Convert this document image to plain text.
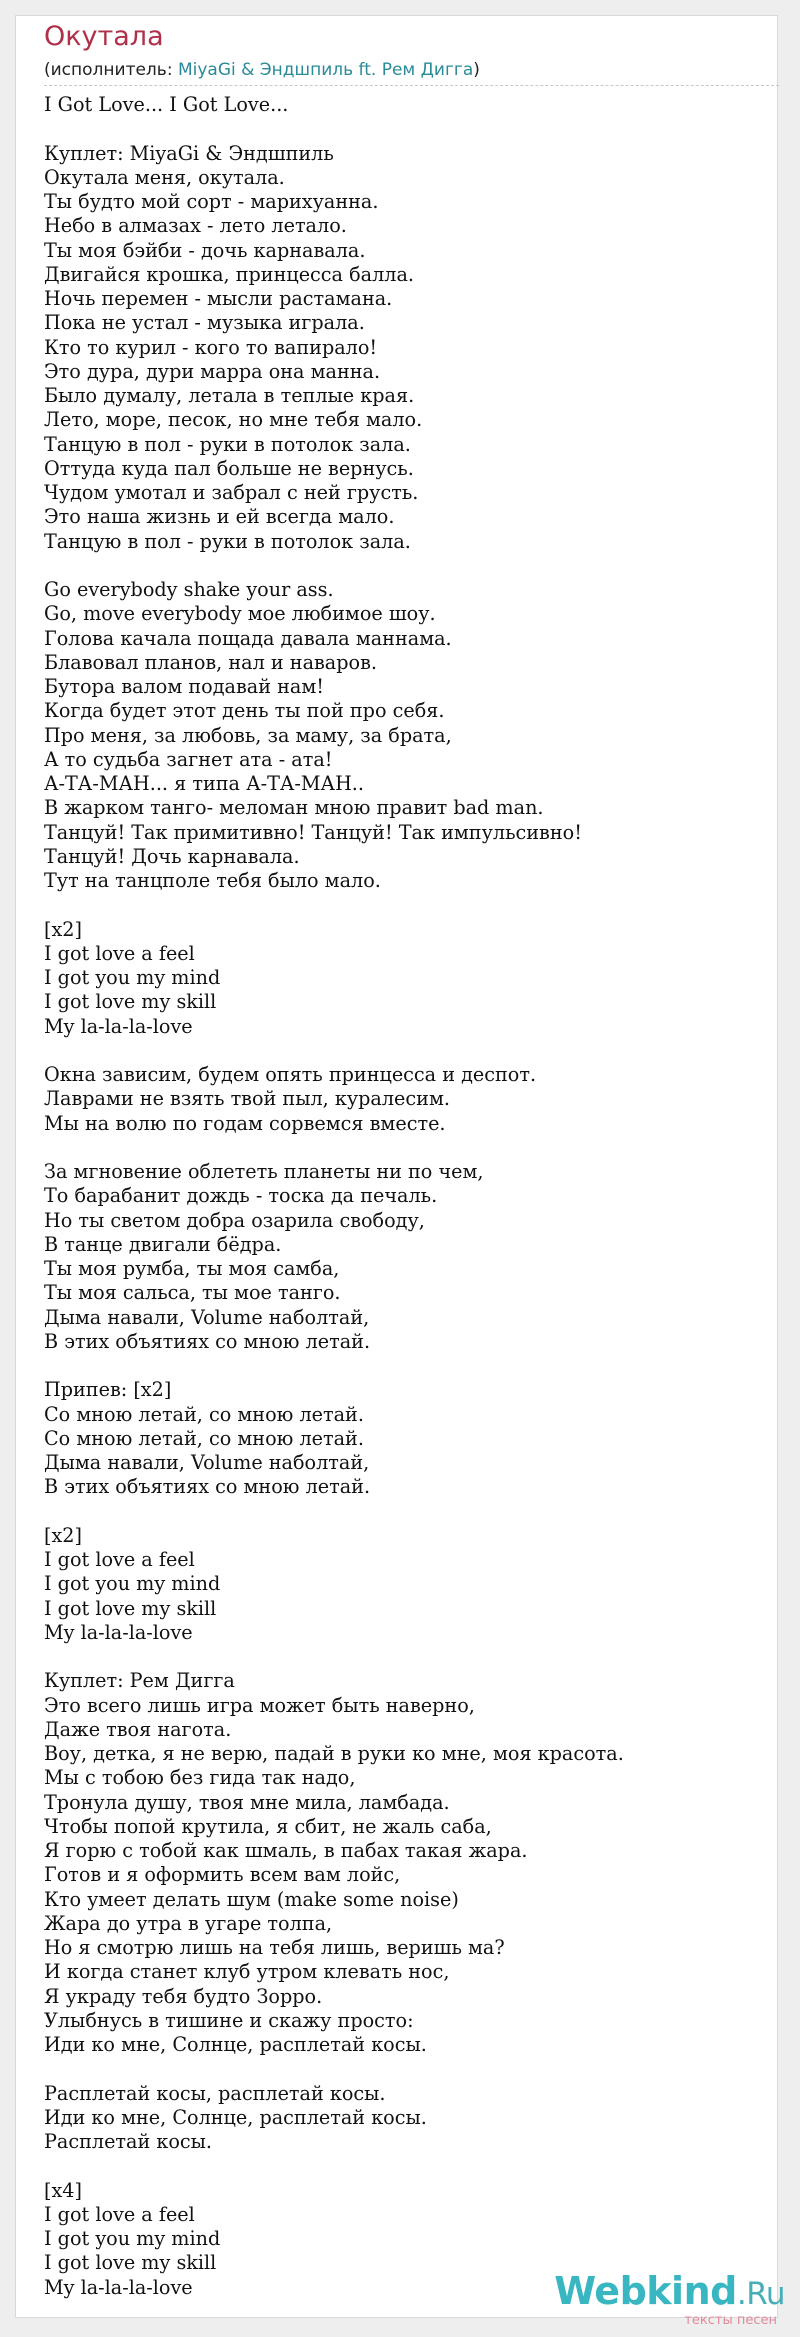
Окутала
(исполнитель: MiyaGi & Эндшпиль ft. Рем Дигга)
I Got Love... I Got Love...
Куплет: MiyaGi & Эндшпиль
Окутала меня, окутала.
Ты будто мой сорт - марихуанна.
Небо в алмазах - лето летало.
Ты моя бэйби - дочь карнавала.
Двигайся крошка, принцесса балла.
Ночь перемен - мысли растамана.
Пока не устал - музыка играла.
Кто то курил - кого то вапирало!
Это дура, дури марра она манна.
Было думалу, летала в теплые края.
Лето, море, песок, но мне тебя мало.
Танцую в пол - руки в потолок зала.
Оттуда куда пал больше не вернусь.
Чудом умотал и забрал с ней грусть.
Это наша жизнь и ей всегда мало.
Танцую в пол - руки в потолок зала.
Go everybody shake your ass.
Go, move everybody мое любимое шоу.
Голова качала пощада давала маннама.
Блавовал планов, нал и наваров.
Бутора валом подавай нам!
Когда будет этот день ты пой про себя.
Про меня, за любовь, за маму, за брата,
А то судьба загнет ата - ата!
А-ТА-МАН... я типа А-ТА-МАН..
В жарком танго- меломан мною правит bad man.
Танцуй! Так примитивно! Танцуй! Так импульсивно!
Танцуй! Дочь карнавала.
Тут на танцполе тебя было мало.
[x2]
I got love a feel
I got you my mind
I got love my skill
My la-la-la-love
Окна зависим, будем опять принцесса и деспот.
Лаврами не взять твой пыл, куралесим.
Мы на волю по годам сорвемся вместе.
За мгновение облететь планеты ни по чем,
То барабанит дождь - тоска да печаль.
Но ты светом добра озарила свободу,
В танце двигали бёдра.
Ты моя румба, ты моя самба,
Ты моя сальса, ты мое танго.
Дыма навали, Volume наболтай,
В этих объятиях со мною летай.
Припев: [x2]
Со мною летай, со мною летай.
Со мною летай, со мною летай.
Дыма навали, Volume наболтай,
В этих объятиях со мною летай.
[x2]
I got love a feel
I got you my mind
I got love my skill
My la-la-la-love
Куплет: Рем Дигга
Это всего лишь игра может быть наверно,
Даже твоя нагота.
Воу, детка, я не верю, падай в руки ко мне, моя красота.
Мы с тобою без гида так надо,
Тронула душу, твоя мне мила, ламбада.
Чтобы попой крутила, я сбит, не жаль саба,
Я горю с тобой как шмаль, в пабах такая жара.
Готов и я оформить всем вам лойс,
Кто умеет делать шум (make some noise)
Жара до утра в угаре толпа,
Но я смотрю лишь на тебя лишь, веришь ма?
И когда станет клуб утром клевать нос,
Я украду тебя будто Зорро.
Улыбнусь в тишине и скажу просто:
Иди ко мне, Солнце, расплетай косы.
Расплетай косы, расплетай косы.
Иди ко мне, Солнце, расплетай косы.
Расплетай косы.
[x4]
I got love a feel
I got you my mind
I got love my skill
My la-la-la-love	Webkind.Ru
тексты песен
